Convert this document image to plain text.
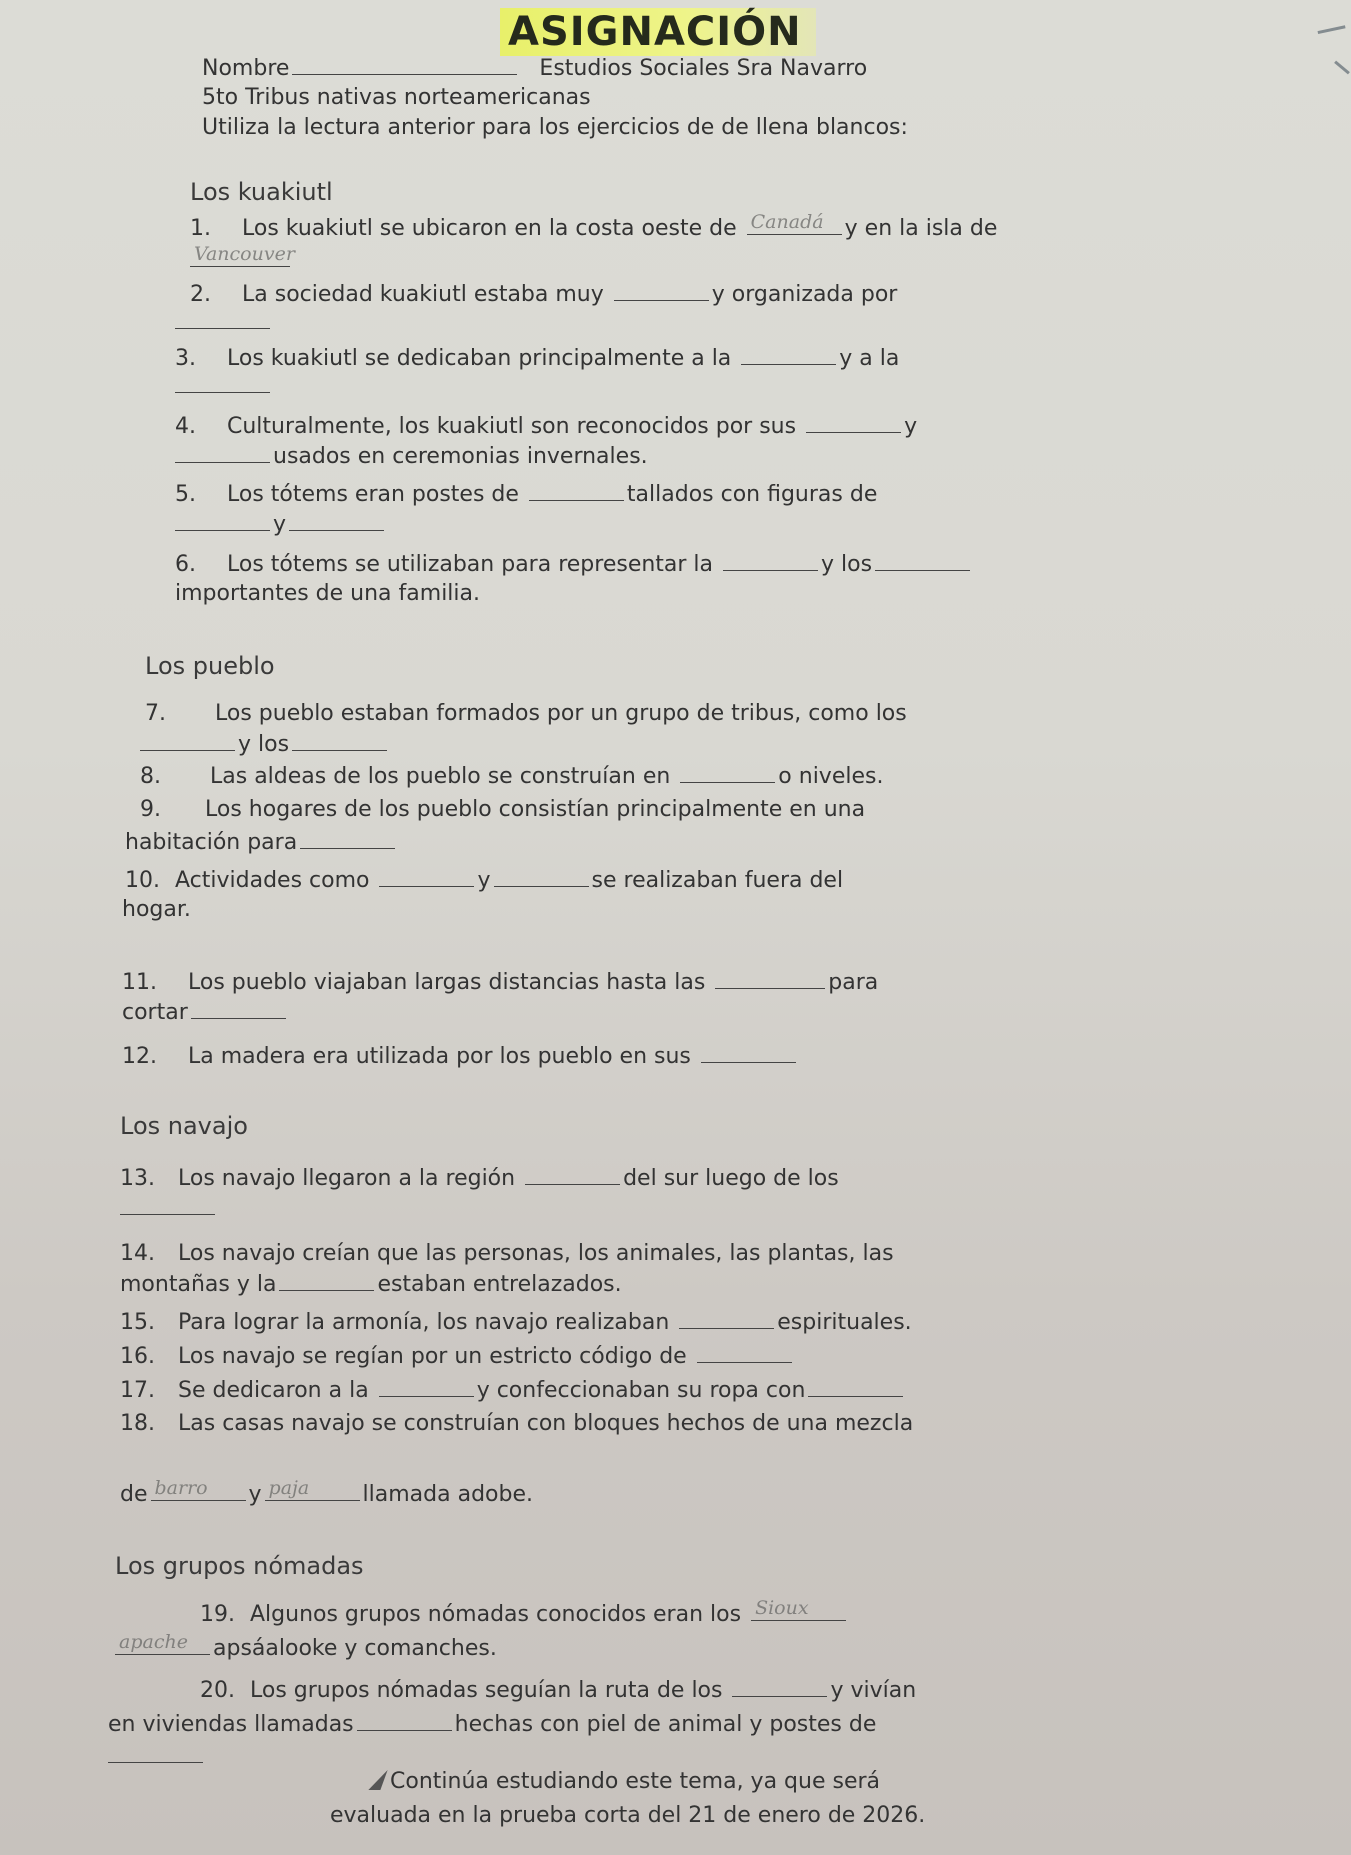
ASIGNACIÓN
Nombre	Estudios Sociales Sra Navarro
5to Tribus nativas norteamericanas
Utiliza la lectura anterior para los ejercicios de de llena blancos:
Los kuakiutl
1. Los kuakiutl se ubicaron en la costa oeste de Canadá y en la isla de
Vancouver
2. La sociedad kuakiutl estaba muy	y organizada por
3. Los kuakiutl se dedicaban principalmente a la	y a la
4. Culturalmente, los kuakiutl son reconocidos por sus	y
usados en ceremonias invernales.
5. Los tótems eran postes de	tallados con figuras de
y
6. Los tótems se utilizaban para representar la	y los
importantes de una familia.
Los pueblo
7. Los pueblo estaban formados por un grupo de tribus, como los
y los
8. Las aldeas de los pueblo se construían en	o niveles.
9. Los hogares de los pueblo consistían principalmente en una
habitación para
10. Actividades como	y	se realizaban fuera del
hogar.
11. Los pueblo viajaban largas distancias hasta las	para
cortar
12. La madera era utilizada por los pueblo en sus
Los navajo
13. Los navajo llegaron a la región	del sur luego de los
14. Los navajo creían que las personas, los animales, las plantas, las
montañas y la	estaban entrelazados.
15. Para lograr la armonía, los navajo realizaban	espirituales.
16. Los navajo se regían por un estricto código de
17. Se dedicaron a la	y confeccionaban su ropa con
18. Las casas navajo se construían con bloques hechos de una mezcla
de barro y paja llamada adobe.
Los grupos nómadas
19. Algunos grupos nómadas conocidos eran los Sioux
apache apsáalooke y comanches.
20. Los grupos nómadas seguían la ruta de los	y vivían
en viviendas llamadas	hechas con piel de animal y postes de
Continúa estudiando este tema, ya que será
evaluada en la prueba corta del 21 de enero de 2026.
